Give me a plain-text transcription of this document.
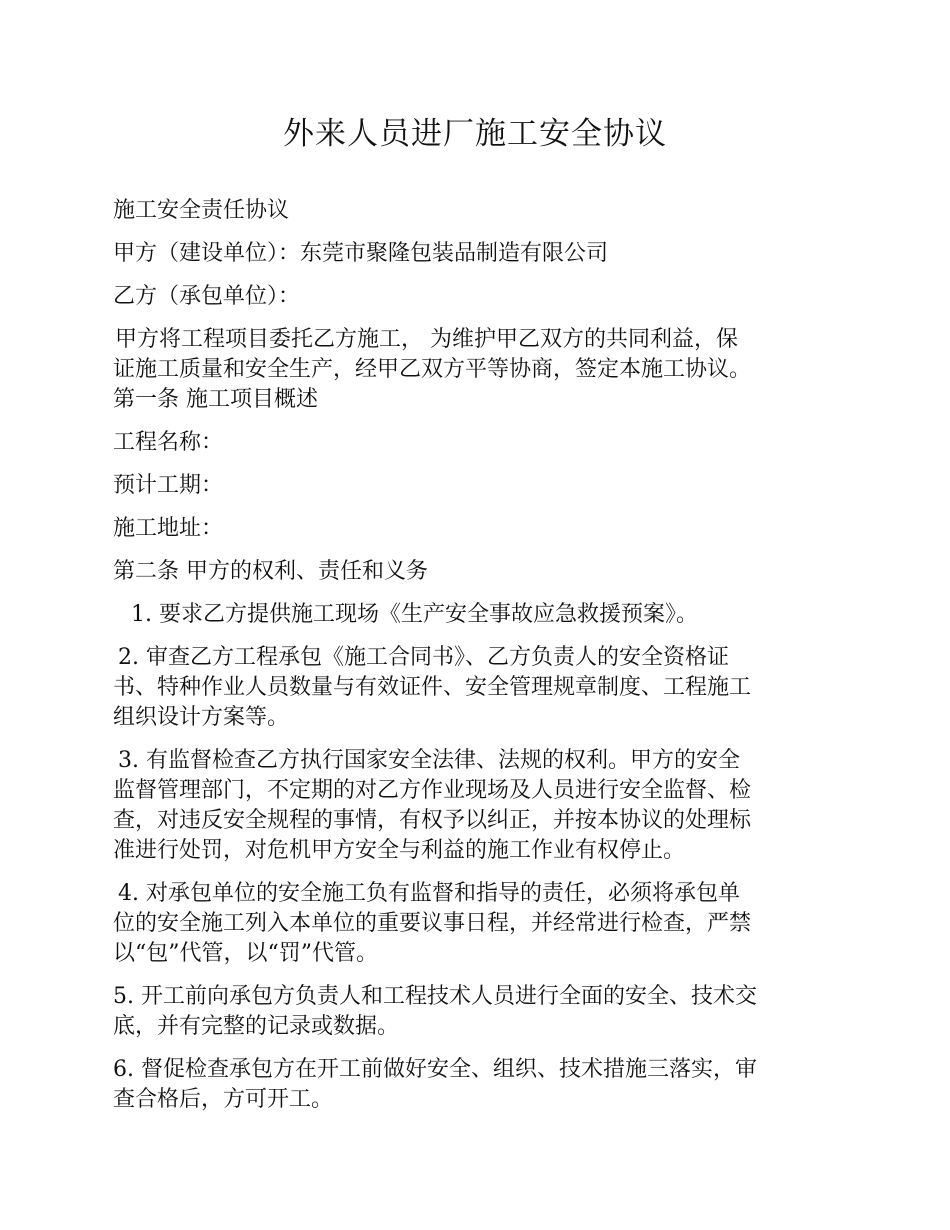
外来人员进厂施工安全协议

施工安全责任协议

甲方（建设单位）：东莞市聚隆包装品制造有限公司

乙方（承包单位）：

甲方将工程项目委托乙方施工， 为维护甲乙双方的共同利益，保

证施工质量和安全生产，经甲乙双方平等协商，签定本施工协议。

第一条 施工项目概述

工程名称：

预计工期：

施工地址：

第二条 甲方的权利、责任和义务

1. 要求乙方提供施工现场《生产安全事故应急救援预案》。

2. 审查乙方工程承包《施工合同书》、乙方负责人的安全资格证

书、特种作业人员数量与有效证件、安全管理规章制度、工程施工

组织设计方案等。

3. 有监督检查乙方执行国家安全法律、法规的权利。甲方的安全

监督管理部门，不定期的对乙方作业现场及人员进行安全监督、检

查，对违反安全规程的事情，有权予以纠正，并按本协议的处理标

准进行处罚，对危机甲方安全与利益的施工作业有权停止。

4. 对承包单位的安全施工负有监督和指导的责任，必须将承包单

位的安全施工列入本单位的重要议事日程，并经常进行检查，严禁

以“包”代管，以“罚”代管。

5. 开工前向承包方负责人和工程技术人员进行全面的安全、技术交

底，并有完整的记录或数据。

6. 督促检查承包方在开工前做好安全、组织、技术措施三落实，审

查合格后，方可开工。
